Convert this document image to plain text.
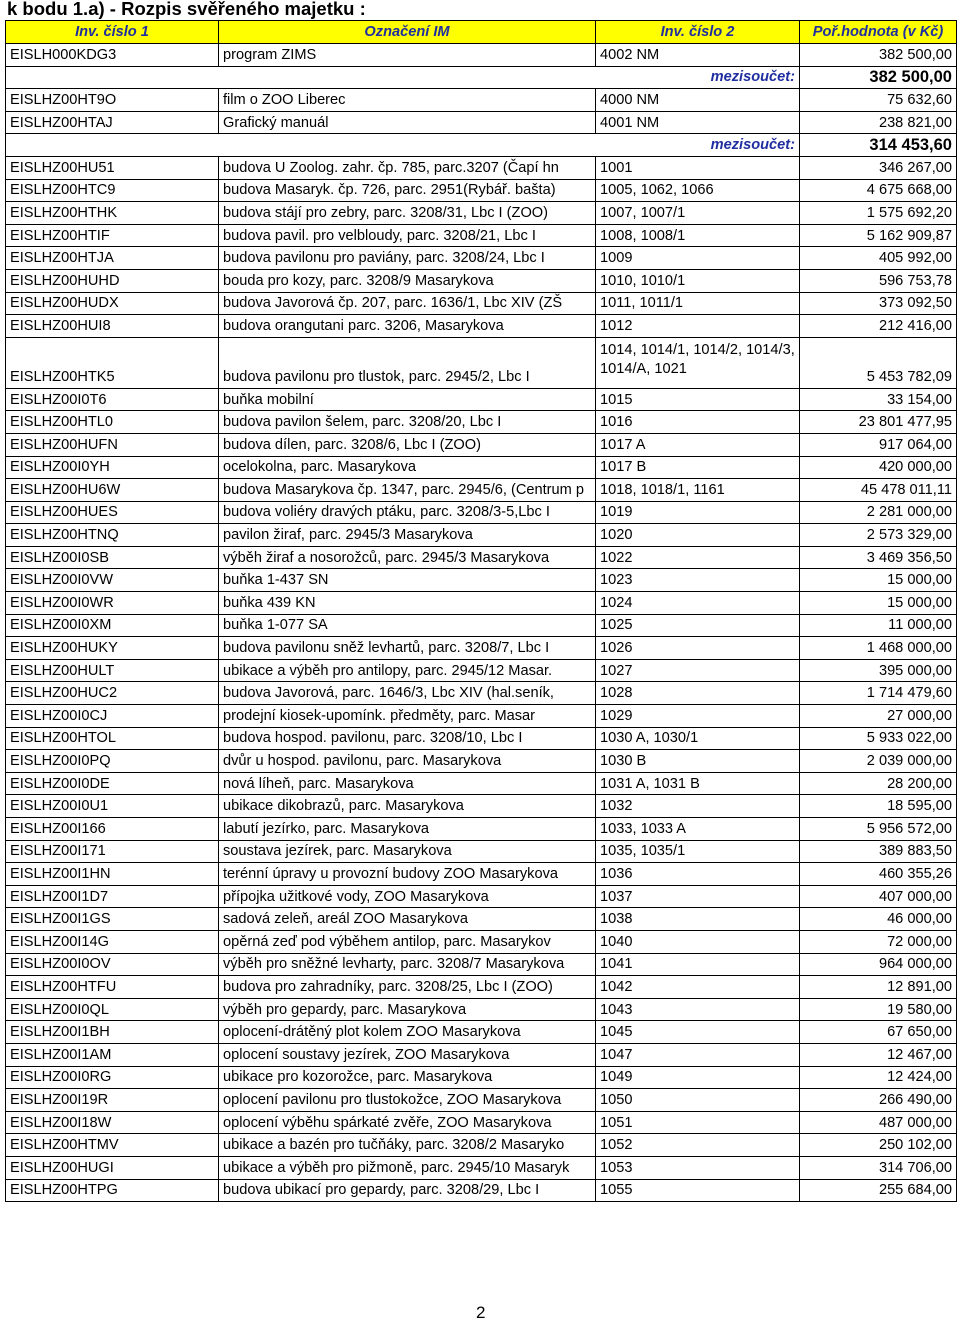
k bodu 1.a) - Rozpis svěřeného majetku :
Inv. číslo 1	Označení IM	Inv. číslo 2	Poř.hodnota (v Kč)
EISLH000KDG3	program ZIMS	4002 NM	382 500,00
		mezisoučet:	382 500,00
EISLHZ00HT9O	film o ZOO Liberec	4000 NM	75 632,60
EISLHZ00HTAJ	Grafický manuál	4001 NM	238 821,00
		mezisoučet:	314 453,60
EISLHZ00HU51	budova U Zoolog. zahr. čp. 785, parc.3207 (Čapí hn	1001	346 267,00
EISLHZ00HTC9	budova Masaryk. čp. 726, parc. 2951(Rybář. bašta)	1005, 1062, 1066	4 675 668,00
EISLHZ00HTHK	budova stájí pro zebry, parc. 3208/31, Lbc I (ZOO)	1007, 1007/1	1 575 692,20
EISLHZ00HTIF	budova pavil. pro velbloudy, parc. 3208/21, Lbc I	1008, 1008/1	5 162 909,87
EISLHZ00HTJA	budova pavilonu pro paviány, parc. 3208/24, Lbc I	1009	405 992,00
EISLHZ00HUHD	bouda pro kozy, parc. 3208/9 Masarykova	1010, 1010/1	596 753,78
EISLHZ00HUDX	budova Javorová čp. 207, parc. 1636/1, Lbc XIV (ZŠ	1011, 1011/1	373 092,50
EISLHZ00HUI8	budova orangutani parc. 3206, Masarykova	1012	212 416,00
EISLHZ00HTK5	budova pavilonu pro tlustok, parc. 2945/2, Lbc I	1014, 1014/1, 1014/2, 1014/3, 1014/A, 1021	5 453 782,09
EISLHZ00I0T6	buňka mobilní	1015	33 154,00
EISLHZ00HTL0	budova pavilon šelem, parc. 3208/20, Lbc I	1016	23 801 477,95
EISLHZ00HUFN	budova dílen, parc. 3208/6, Lbc I (ZOO)	1017 A	917 064,00
EISLHZ00I0YH	ocelokolna, parc. Masarykova	1017 B	420 000,00
EISLHZ00HU6W	budova Masarykova čp. 1347, parc. 2945/6, (Centrum p	1018, 1018/1, 1161	45 478 011,11
EISLHZ00HUES	budova voliéry dravých ptáku, parc. 3208/3-5,Lbc I	1019	2 281 000,00
EISLHZ00HTNQ	pavilon žiraf, parc. 2945/3 Masarykova	1020	2 573 329,00
EISLHZ00I0SB	výběh žiraf a nosorožců, parc. 2945/3 Masarykova	1022	3 469 356,50
EISLHZ00I0VW	buňka 1-437 SN	1023	15 000,00
EISLHZ00I0WR	buňka 439 KN	1024	15 000,00
EISLHZ00I0XM	buňka 1-077 SA	1025	11 000,00
EISLHZ00HUKY	budova pavilonu sněž levhartů, parc. 3208/7, Lbc I	1026	1 468 000,00
EISLHZ00HULT	ubikace a výběh pro antilopy, parc. 2945/12 Masar.	1027	395 000,00
EISLHZ00HUC2	budova Javorová, parc. 1646/3, Lbc XIV (hal.seník,	1028	1 714 479,60
EISLHZ00I0CJ	prodejní kiosek-upomínk. předměty, parc. Masar	1029	27 000,00
EISLHZ00HTOL	budova hospod. pavilonu, parc. 3208/10, Lbc I	1030 A, 1030/1	5 933 022,00
EISLHZ00I0PQ	dvůr u hospod. pavilonu, parc. Masarykova	1030 B	2 039 000,00
EISLHZ00I0DE	nová líheň, parc. Masarykova	1031 A, 1031 B	28 200,00
EISLHZ00I0U1	ubikace dikobrazů, parc. Masarykova	1032	18 595,00
EISLHZ00I166	labutí jezírko, parc. Masarykova	1033, 1033 A	5 956 572,00
EISLHZ00I171	soustava jezírek, parc. Masarykova	1035, 1035/1	389 883,50
EISLHZ00I1HN	terénní úpravy u provozní budovy ZOO Masarykova	1036	460 355,26
EISLHZ00I1D7	přípojka užitkové vody, ZOO Masarykova	1037	407 000,00
EISLHZ00I1GS	sadová zeleň, areál ZOO Masarykova	1038	46 000,00
EISLHZ00I14G	opěrná zeď pod výběhem antilop, parc. Masarykov	1040	72 000,00
EISLHZ00I0OV	výběh pro sněžné levharty, parc. 3208/7 Masarykova	1041	964 000,00
EISLHZ00HTFU	budova pro zahradníky, parc. 3208/25, Lbc I (ZOO)	1042	12 891,00
EISLHZ00I0QL	výběh pro gepardy, parc. Masarykova	1043	19 580,00
EISLHZ00I1BH	oplocení-drátěný plot kolem ZOO Masarykova	1045	67 650,00
EISLHZ00I1AM	oplocení soustavy jezírek, ZOO Masarykova	1047	12 467,00
EISLHZ00I0RG	ubikace pro kozorožce, parc. Masarykova	1049	12 424,00
EISLHZ00I19R	oplocení pavilonu pro tlustokožce, ZOO Masarykova	1050	266 490,00
EISLHZ00I18W	oplocení výběhu spárkaté zvěře, ZOO Masarykova	1051	487 000,00
EISLHZ00HTMV	ubikace a bazén pro tučňáky, parc. 3208/2 Masaryko	1052	250 102,00
EISLHZ00HUGI	ubikace a výběh pro pižmoně, parc. 2945/10 Masaryk	1053	314 706,00
EISLHZ00HTPG	budova ubikací pro gepardy, parc. 3208/29, Lbc I	1055	255 684,00
2
